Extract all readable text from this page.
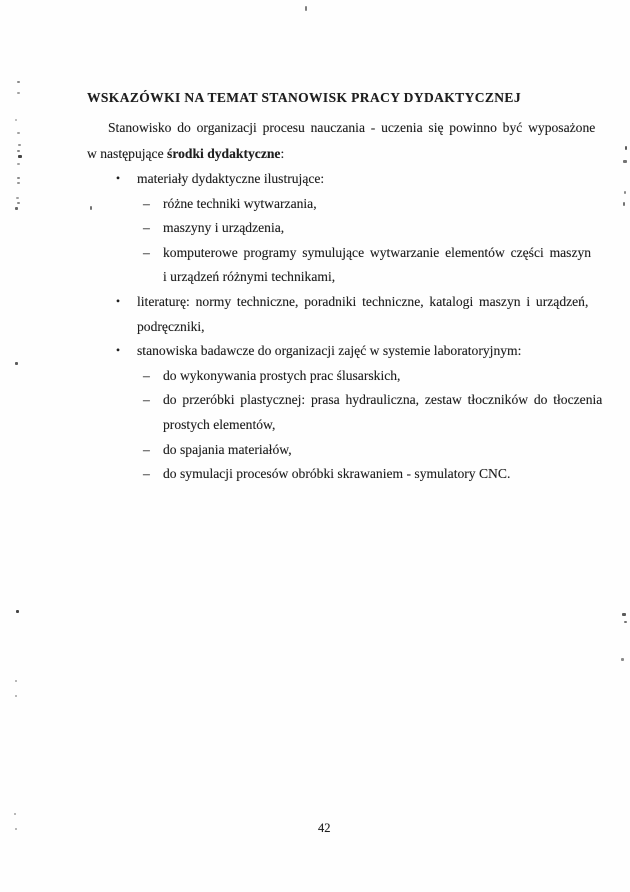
WSKAZÓWKI NA TEMAT STANOWISK PRACY DYDAKTYCZNEJ
Stanowisko do organizacji procesu nauczania - uczenia się powinno być wyposażone
w następujące środki dydaktyczne:
•	materiały dydaktyczne ilustrujące:
– różne techniki wytwarzania,
– maszyny i urządzenia,
– komputerowe programy symulujące wytwarzanie elementów części maszyn
i urządzeń różnymi technikami,
•	literaturę: normy techniczne, poradniki techniczne, katalogi maszyn i urządzeń,
podręczniki,
•	stanowiska badawcze do organizacji zajęć w systemie laboratoryjnym:
– do wykonywania prostych prac ślusarskich,
– do przeróbki plastycznej: prasa hydrauliczna, zestaw tłoczników do tłoczenia
prostych elementów,
– do spajania materiałów,
– do symulacji procesów obróbki skrawaniem - symulatory CNC.
42
